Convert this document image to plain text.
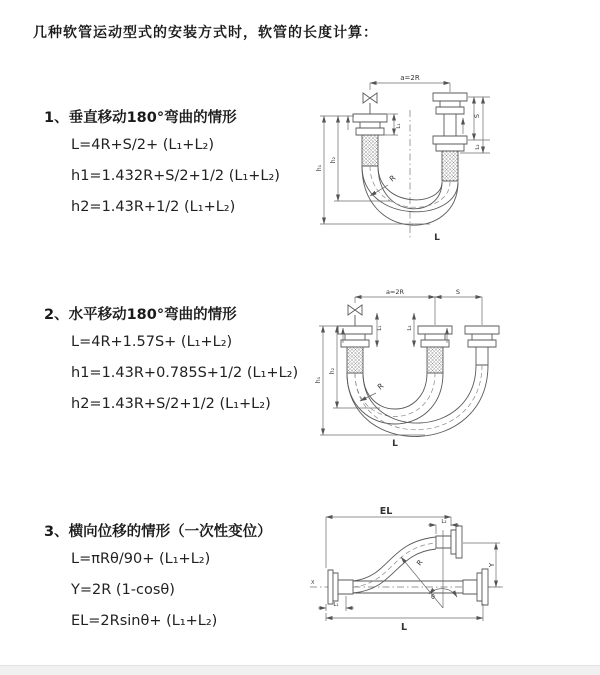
几种软管运动型式的安装方式时，软管的长度计算：
1、垂直移动180°弯曲的情形
L=4R+S/2+ (L₁+L₂)
h1=1.432R+S/2+1/2 (L₁+L₂)
h2=1.43R+1/2 (L₁+L₂)
2、水平移动180°弯曲的情形
L=4R+1.57S+ (L₁+L₂)
h1=1.43R+0.785S+1/2 (L₁+L₂)
h2=1.43R+S/2+1/2 (L₁+L₂)
3、横向位移的情形（一次性变位）
L=πRθ/90+ (L₁+L₂)
Y=2R (1-cosθ)
EL=2Rsinθ+ (L₁+L₂)
a=2R
L₁
S
L₂
h₁
h₂
R
L
a=2R	S
L₁	L₂
h₁
h₂
R
L
X
EL
L₂
Y
θ
R
L₁
L
